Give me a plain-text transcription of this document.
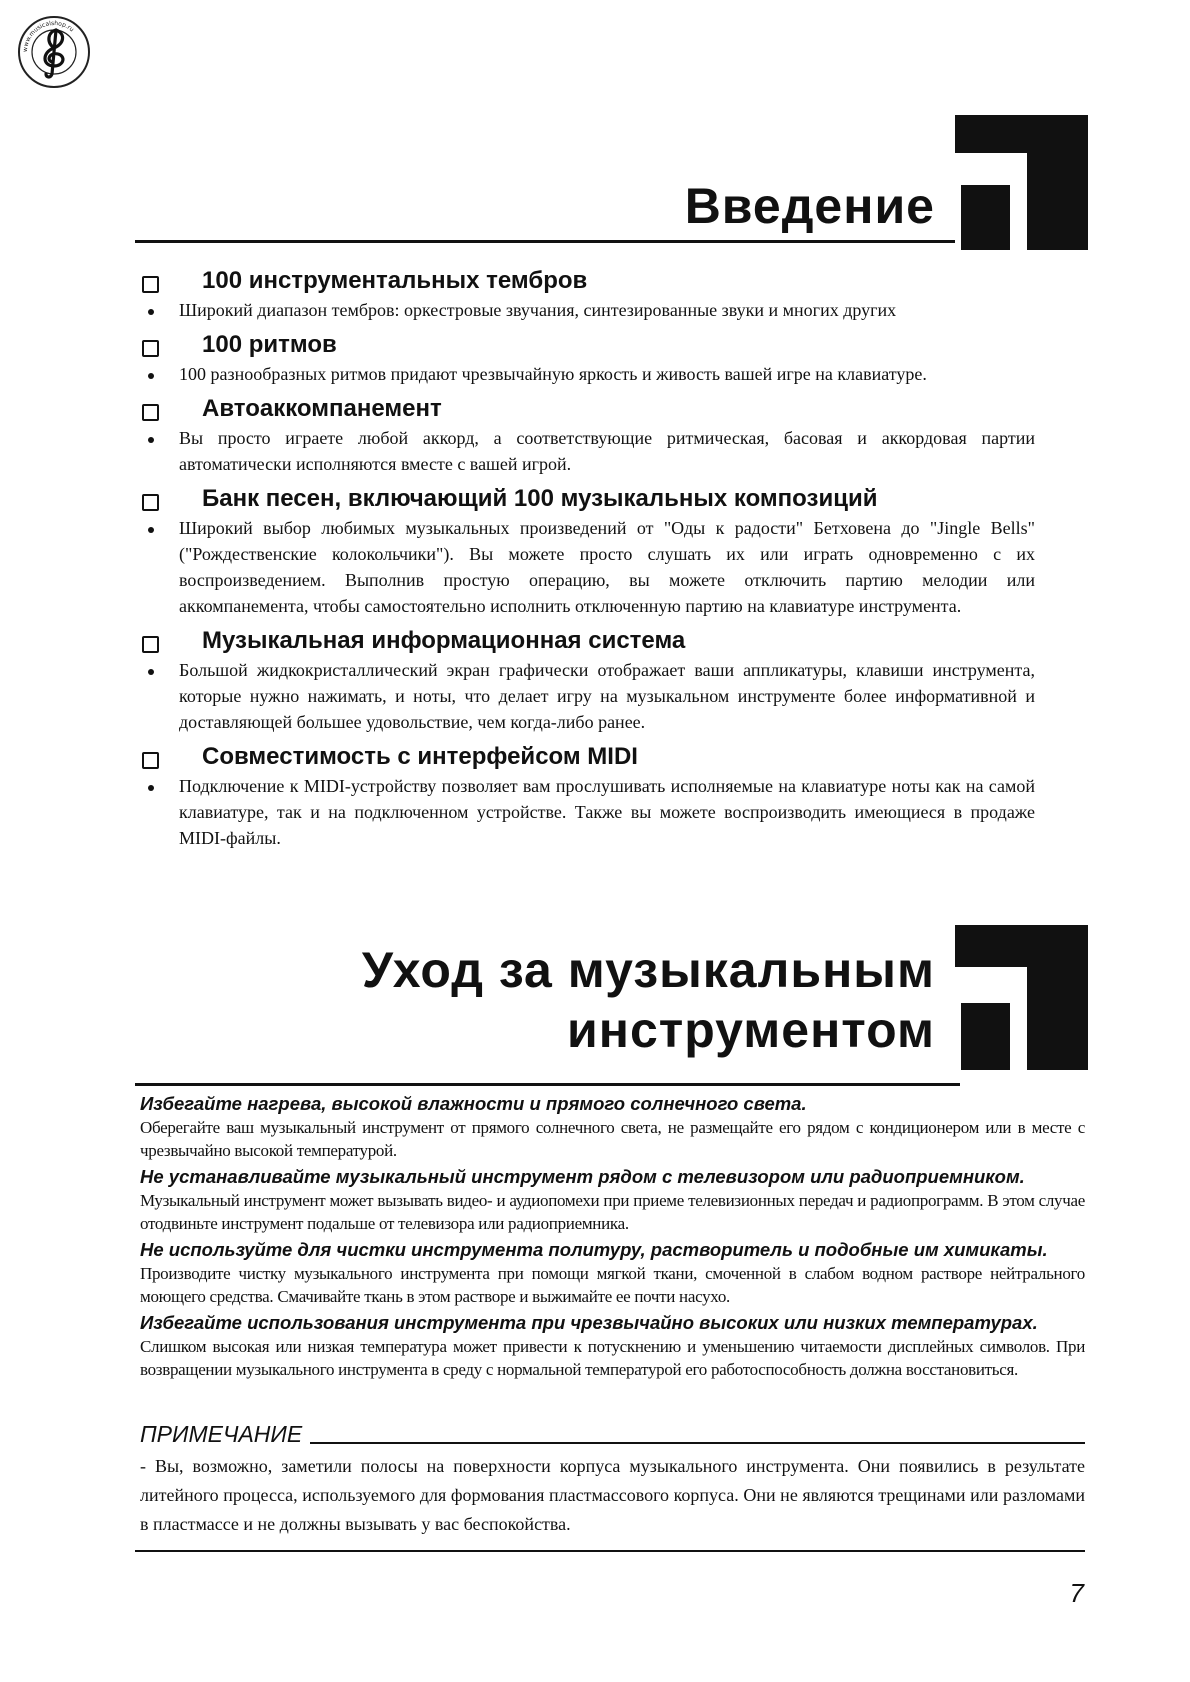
www.musicalshop.ru
Введение
100 инструментальных тембров
Широкий диапазон тембров: оркестровые звучания, синтезированные звуки и многих других
100 ритмов
100 разнообразных ритмов придают чрезвычайную яркость и живость вашей игре на клавиатуре.
Автоаккомпанемент
Вы просто играете любой аккорд, а соответствующие ритмическая, басовая и аккордовая партии автоматически исполняются вместе с вашей игрой.
Банк песен, включающий 100 музыкальных композиций
Широкий выбор любимых музыкальных произведений от "Оды к радости" Бетховена до "Jingle Bells" ("Рождественские колокольчики"). Вы можете просто слушать их или играть одновременно с их воспроизведением. Выполнив простую операцию, вы можете отключить партию мелодии или аккомпанемента, чтобы самостоятельно исполнить отключенную партию на клавиатуре инструмента.
Музыкальная информационная система
Большой жидкокристаллический экран графически отображает ваши аппликатуры, клавиши инструмента, которые нужно нажимать, и ноты, что делает игру на музыкальном инструменте более информативной и доставляющей большее удовольствие, чем когда-либо ранее.
Совместимость с интерфейсом MIDI
Подключение к MIDI-устройству позволяет вам прослушивать исполняемые на клавиатуре ноты как на самой клавиатуре, так и на подключенном устройстве. Также вы можете воспроизводить имеющиеся в продаже MIDI-файлы.
Уход за музыкальным
инструментом
Избегайте нагрева, высокой влажности и прямого солнечного света.
Оберегайте ваш музыкальный инструмент от прямого солнечного света, не размещайте его рядом с кондиционером или в месте с чрезвычайно высокой температурой.
Не устанавливайте музыкальный инструмент рядом с телевизором или радиоприемником.
Музыкальный инструмент может вызывать видео- и аудиопомехи при приеме телевизионных передач и радиопрограмм. В этом случае отодвиньте инструмент подальше от телевизора или радиоприемника.
Не используйте для чистки инструмента политуру, растворитель и подобные им химикаты.
Производите чистку музыкального инструмента при помощи мягкой ткани, смоченной в слабом водном растворе нейтрального моющего средства. Смачивайте ткань в этом растворе и выжимайте ее почти насухо.
Избегайте использования инструмента при чрезвычайно высоких или низких температурах.
Слишком высокая или низкая температура может привести к потускнению и уменьшению читаемости дисплейных символов. При возвращении музыкального инструмента в среду с нормальной температурой его работоспособность должна восстановиться.
ПРИМЕЧАНИЕ
- Вы, возможно, заметили полосы на поверхности корпуса музыкального инструмента. Они появились в результате литейного процесса, используемого для формования пластмассового корпуса. Они не являются трещинами или разломами в пластмассе и не должны вызывать у вас беспокойства.
7
